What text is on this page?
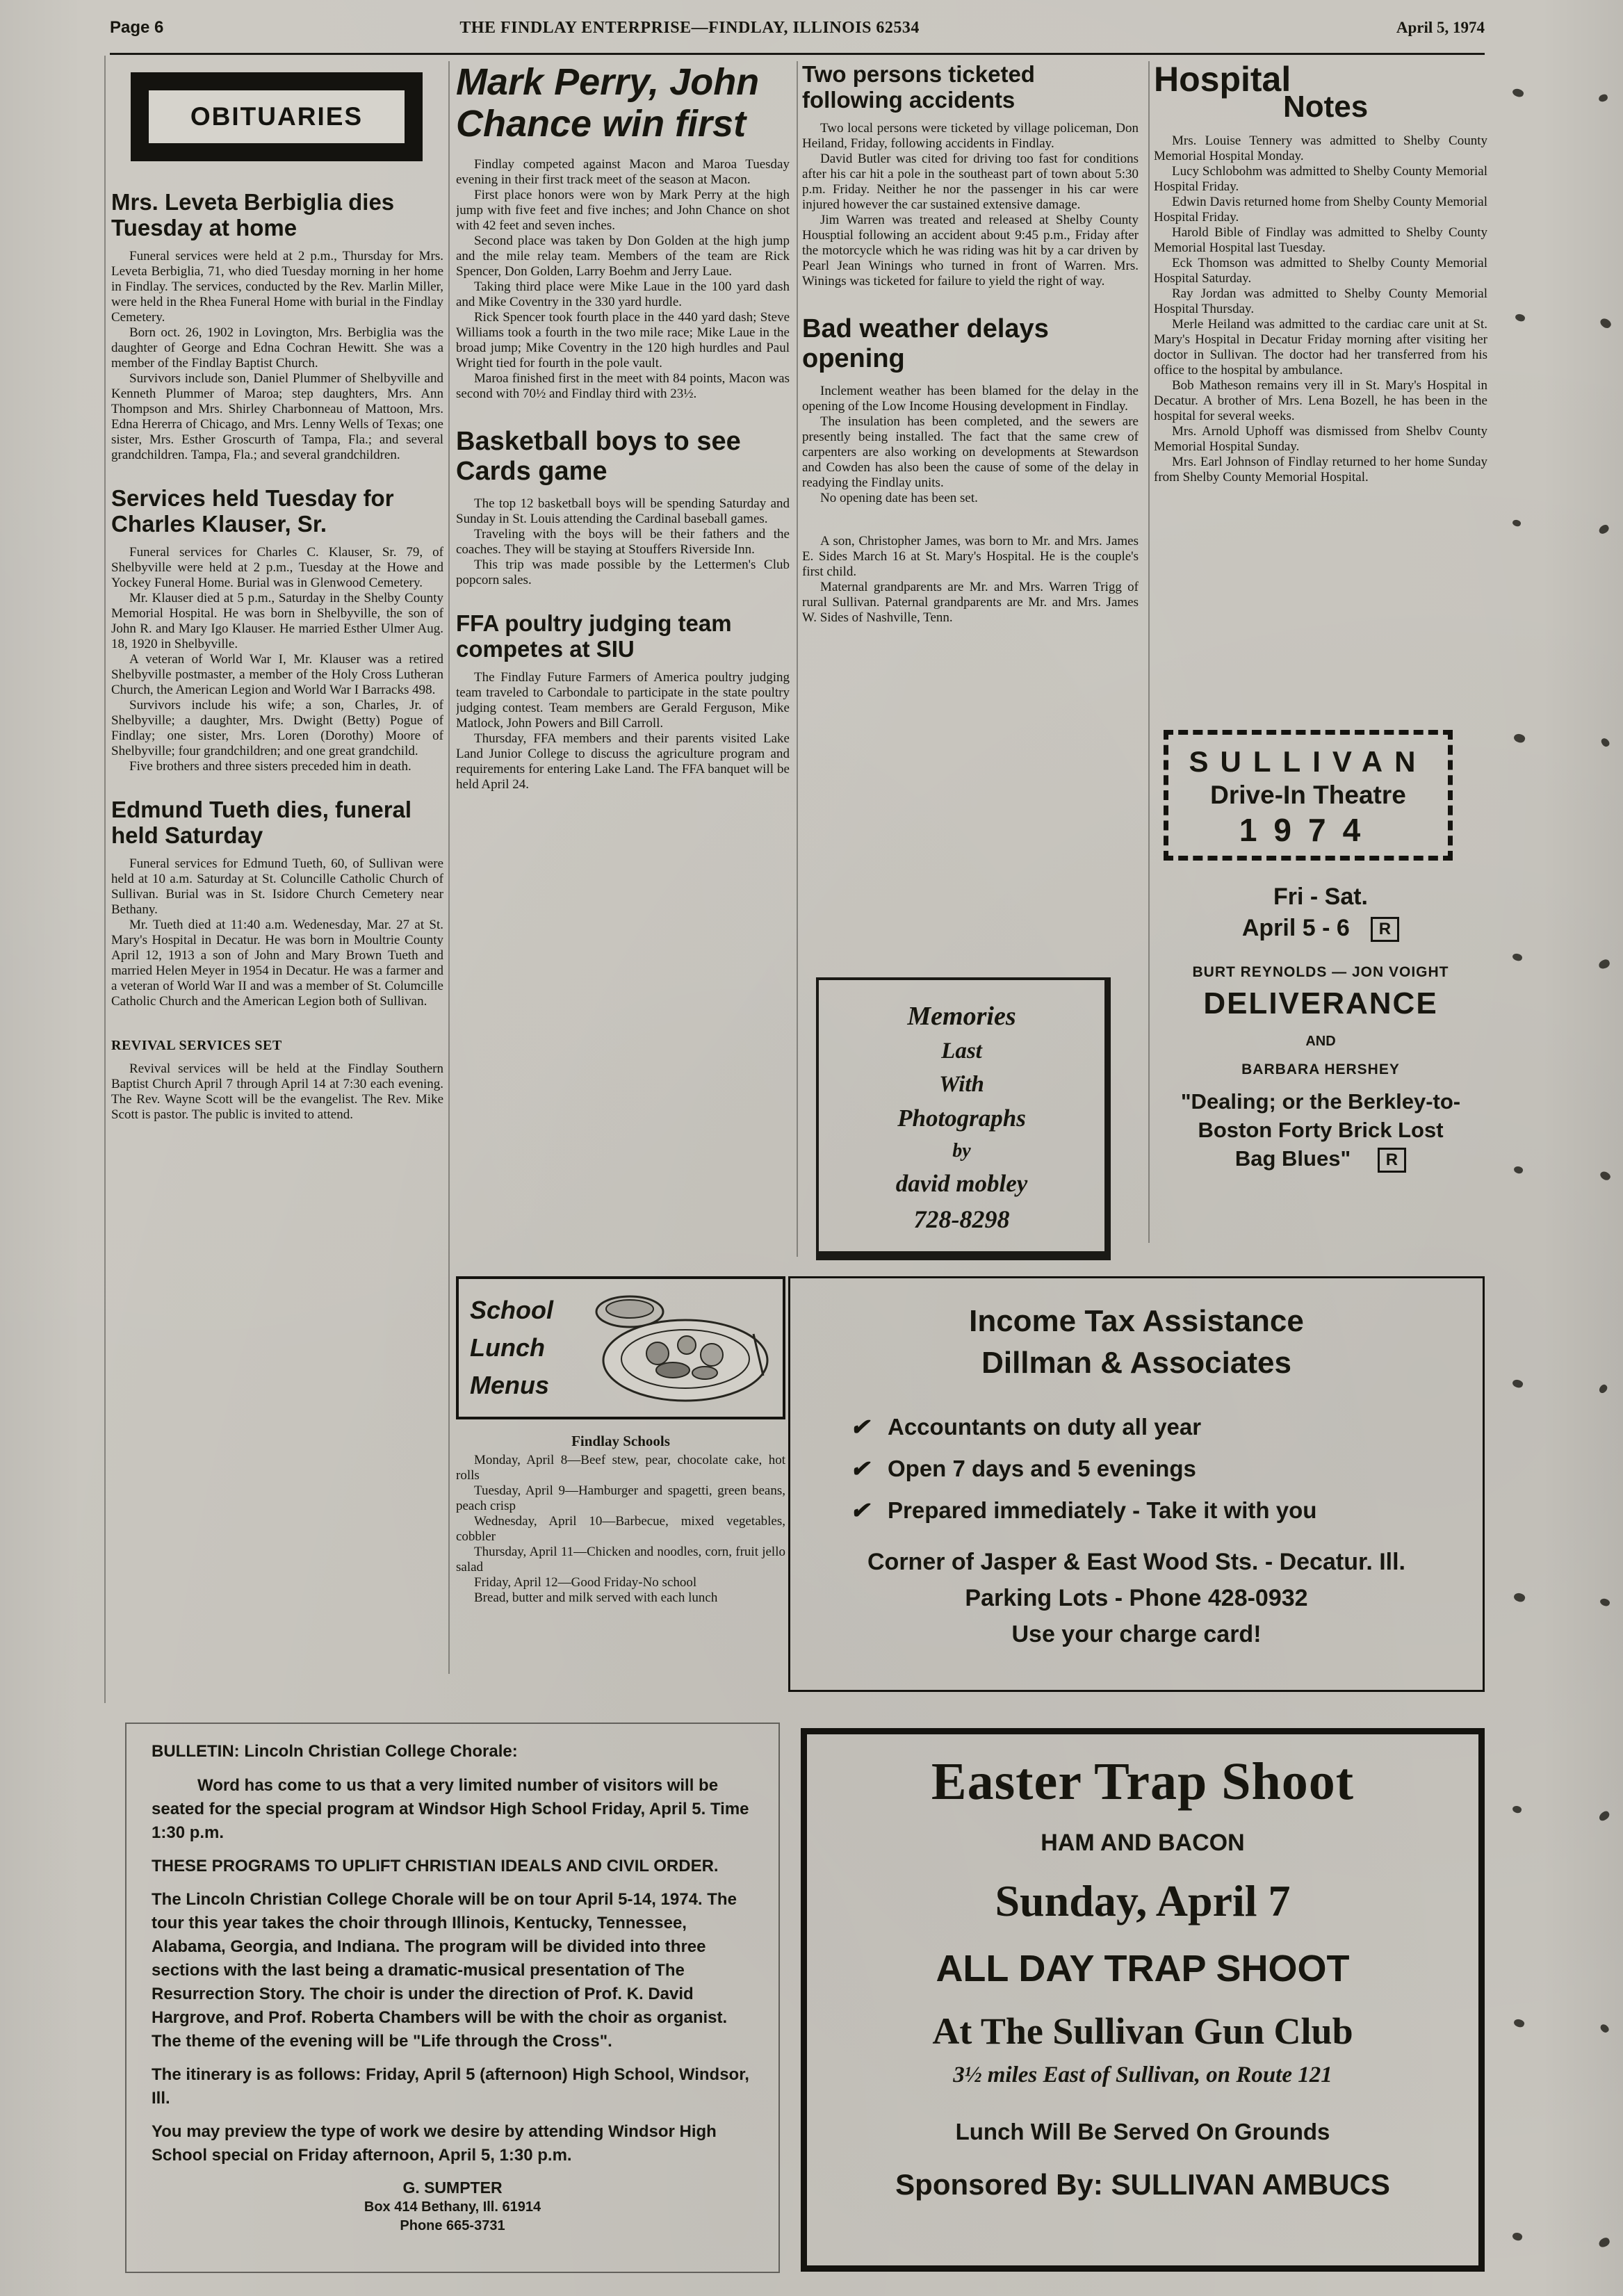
Page 6	THE FINDLAY ENTERPRISE—FINDLAY, ILLINOIS 62534	April 5, 1974
OBITUARIES
Mrs. Leveta Berbiglia dies Tuesday at home

Funeral services were held at 2 p.m., Thursday for Mrs. Leveta Berbiglia, 71, who died Tuesday morning in her home in Findlay. The services, conducted by the Rev. Marlin Miller, were held in the Rhea Funeral Home with burial in the Findlay Cemetery.

Born oct. 26, 1902 in Lovington, Mrs. Berbiglia was the daughter of George and Edna Cochran Hewitt. She was a member of the Findlay Baptist Church.

Survivors include son, Daniel Plummer of Shelbyville and Kenneth Plummer of Maroa; step daughters, Mrs. Ann Thompson and Mrs. Shirley Charbonneau of Mattoon, Mrs. Edna Hererra of Chicago, and Mrs. Lenny Wells of Texas; one sister, Mrs. Esther Groscurth of Tampa, Fla.; and several grandchildren. Tampa, Fla.; and several grandchildren.

Services held Tuesday for Charles Klauser, Sr.

Funeral services for Charles C. Klauser, Sr. 79, of Shelbyville were held at 2 p.m., Tuesday at the Howe and Yockey Funeral Home. Burial was in Glenwood Cemetery.

Mr. Klauser died at 5 p.m., Saturday in the Shelby County Memorial Hospital. He was born in Shelbyville, the son of John R. and Mary Igo Klauser. He married Esther Ulmer Aug. 18, 1920 in Shelbyville.

A veteran of World War I, Mr. Klauser was a retired Shelbyville postmaster, a member of the Holy Cross Lutheran Church, the American Legion and World War I Barracks 498.

Survivors include his wife; a son, Charles, Jr. of Shelbyville; a daughter, Mrs. Dwight (Betty) Pogue of Findlay; one sister, Mrs. Loren (Dorothy) Moore of Shelbyville; four grandchildren; and one great grandchild.

Five brothers and three sisters preceded him in death.

Edmund Tueth dies, funeral held Saturday

Funeral services for Edmund Tueth, 60, of Sullivan were held at 10 a.m. Saturday at St. Coluncille Catholic Church of Sullivan. Burial was in St. Isidore Church Cemetery near Bethany.

Mr. Tueth died at 11:40 a.m. Wedenesday, Mar. 27 at St. Mary's Hospital in Decatur. He was born in Moultrie County April 12, 1913 a son of John and Mary Brown Tueth and married Helen Meyer in 1954 in Decatur. He was a farmer and a veteran of World War II and was a member of St. Columcille Catholic Church and the American Legion both of Sullivan.

REVIVAL SERVICES SET

Revival services will be held at the Findlay Southern Baptist Church April 7 through April 14 at 7:30 each evening. The Rev. Wayne Scott will be the evangelist. The Rev. Mike Scott is pastor. The public is invited to attend.

Mark Perry, John Chance win first

Findlay competed against Macon and Maroa Tuesday evening in their first track meet of the season at Macon.

First place honors were won by Mark Perry at the high jump with five feet and five inches; and John Chance on shot with 42 feet and seven inches.

Second place was taken by Don Golden at the high jump and the mile relay team. Members of the team are Rick Spencer, Don Golden, Larry Boehm and Jerry Laue.

Taking third place were Mike Laue in the 100 yard dash and Mike Coventry in the 330 yard hurdle.

Rick Spencer took fourth place in the 440 yard dash; Steve Williams took a fourth in the two mile race; Mike Laue in the broad jump; Mike Coventry in the 120 high hurdles and Paul Wright tied for fourth in the pole vault.

Maroa finished first in the meet with 84 points, Macon was second with 70½ and Findlay third with 23½.

Basketball boys to see Cards game

The top 12 basketball boys will be spending Saturday and Sunday in St. Louis attending the Cardinal baseball games.

Traveling with the boys will be their fathers and the coaches. They will be staying at Stouffers Riverside Inn.

This trip was made possible by the Lettermen's Club popcorn sales.

FFA poultry judging team competes at SIU

The Findlay Future Farmers of America poultry judging team traveled to Carbondale to participate in the state poultry judging contest. Team members are Gerald Ferguson, Mike Matlock, John Powers and Bill Carroll.

Thursday, FFA members and their parents visited Lake Land Junior College to discuss the agriculture program and requirements for entering Lake Land. The FFA banquet will be held April 24.

School
Lunch
Menus
Findlay Schools

Monday, April 8—Beef stew, pear, chocolate cake, hot rolls

Tuesday, April 9—Hamburger and spagetti, green beans, peach crisp

Wednesday, April 10—Barbecue, mixed vegetables, cobbler

Thursday, April 11—Chicken and noodles, corn, fruit jello salad

Friday, April 12—Good Friday-No school

Bread, butter and milk served with each lunch

Two persons ticketed following accidents

Two local persons were ticketed by village policeman, Don Heiland, Friday, following accidents in Findlay.

David Butler was cited for driving too fast for conditions after his car hit a pole in the southeast part of town about 5:30 p.m. Friday. Neither he nor the passenger in his car were injured however the car sustained extensive damage.

Jim Warren was treated and released at Shelby County Housptial following an accident about 9:45 p.m., Friday after the motorcycle which he was riding was hit by a car driven by Pearl Jean Winings who turned in front of Warren. Mrs. Winings was ticketed for failure to yield the right of way.

Bad weather delays opening

Inclement weather has been blamed for the delay in the opening of the Low Income Housing development in Findlay.

The insulation has been completed, and the sewers are presently being installed. The fact that the same crew of carpenters are also working on developments at Stewardson and Cowden has also been the cause of some of the delay in readying the Findlay units.

No opening date has been set.

A son, Christopher James, was born to Mr. and Mrs. James E. Sides March 16 at St. Mary's Hospital. He is the couple's first child.

Maternal grandparents are Mr. and Mrs. Warren Trigg of rural Sullivan. Paternal grandparents are Mr. and Mrs. James W. Sides of Nashville, Tenn.

Memories
Last
With
Photographs
by
david mobley
728-8298
Hospital
Notes

Mrs. Louise Tennery was admitted to Shelby County Memorial Hospital Monday.

Lucy Schlobohm was admitted to Shelby County Memorial Hospital Friday.

Edwin Davis returned home from Shelby County Memorial Hospital Friday.

Harold Bible of Findlay was admitted to Shelby County Memorial Hospital last Tuesday.

Eck Thomson was admitted to Shelby County Memorial Hospital Saturday.

Ray Jordan was admitted to Shelby County Memorial Hospital Thursday.

Merle Heiland was admitted to the cardiac care unit at St. Mary's Hospital in Decatur Friday morning after visiting her doctor in Sullivan. The doctor had her transferred from his office to the hospital by ambulance.

Bob Matheson remains very ill in St. Mary's Hospital in Decatur. A brother of Mrs. Lena Bozell, he has been in the hospital for several weeks.

Mrs. Arnold Uphoff was dismissed from Shelbv County Memorial Hospital Sunday.

Mrs. Earl Johnson of Findlay returned to her home Sunday from Shelby County Memorial Hospital.

SULLIVAN
Drive-In Theatre
1974
Fri - Sat.
April 5 - 6 R
BURT REYNOLDS — JON VOIGHT
DELIVERANCE
AND
BARBARA HERSHEY
"Dealing; or the Berkley-to-Boston Forty Brick Lost Bag Blues" R
Income Tax Assistance
Dillman & Associates
✔ Accountants on duty all year
✔ Open 7 days and 5 evenings
✔ Prepared immediately - Take it with you
Corner of Jasper & East Wood Sts. - Decatur. Ill.
Parking Lots - Phone 428-0932
Use your charge card!
BULLETIN: Lincoln Christian College Chorale:

Word has come to us that a very limited number of visitors will be seated for the special program at Windsor High School Friday, April 5. Time 1:30 p.m.

THESE PROGRAMS TO UPLIFT CHRISTIAN IDEALS AND CIVIL ORDER.

The Lincoln Christian College Chorale will be on tour April 5-14, 1974. The tour this year takes the choir through Illinois, Kentucky, Tennessee, Alabama, Georgia, and Indiana. The program will be divided into three sections with the last being a dramatic-musical presentation of The Resurrection Story. The choir is under the direction of Prof. K. David Hargrove, and Prof. Roberta Chambers will be with the choir as organist. The theme of the evening will be "Life through the Cross".

The itinerary is as follows: Friday, April 5 (afternoon) High School, Windsor, Ill.

You may preview the type of work we desire by attending Windsor High School special on Friday afternoon, April 5, 1:30 p.m.

G. SUMPTER
Box 414 Bethany, Ill. 61914
Phone 665-3731
Easter Trap Shoot
HAM AND BACON
Sunday, April 7
ALL DAY TRAP SHOOT
At The Sullivan Gun Club
3½ miles East of Sullivan, on Route 121
Lunch Will Be Served On Grounds
Sponsored By: SULLIVAN AMBUCS
